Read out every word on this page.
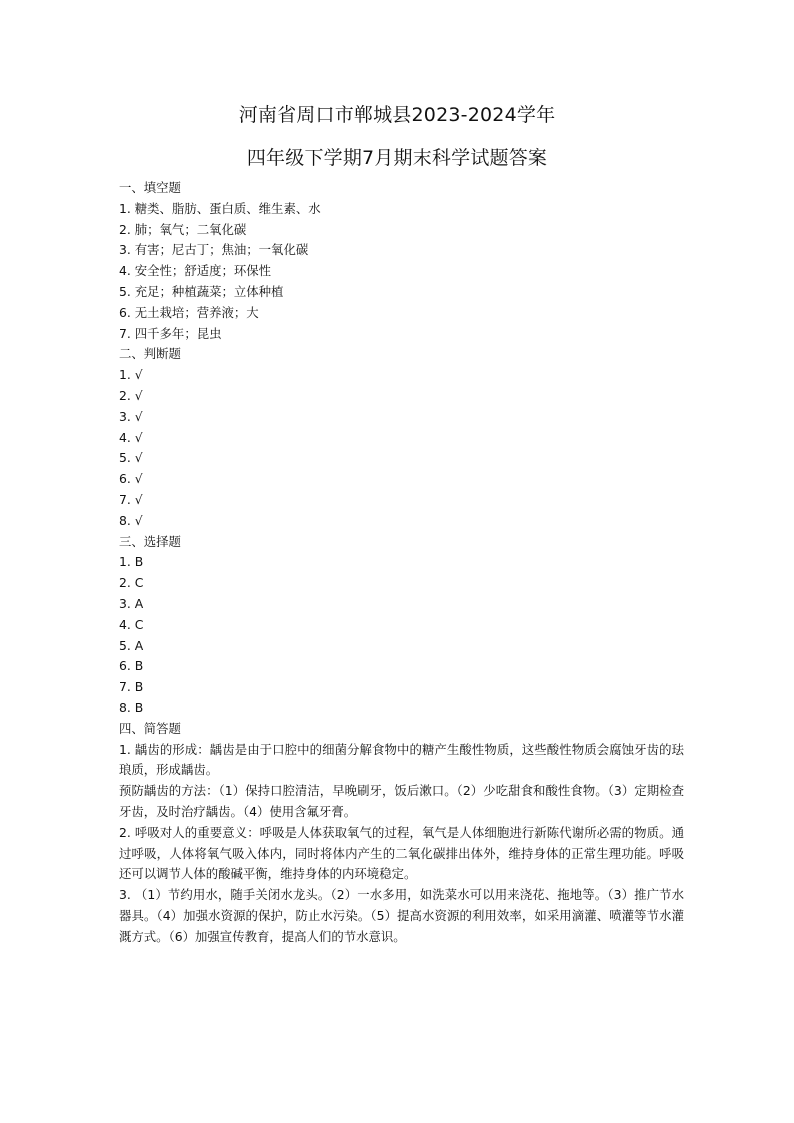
河南省周口市郸城县2023-2024学年
四年级下学期7月期末科学试题答案
一、填空题
1. 糖类、脂肪、蛋白质、维生素、水
2. 肺；氧气；二氧化碳
3. 有害；尼古丁；焦油；一氧化碳
4. 安全性；舒适度；环保性
5. 充足；种植蔬菜；立体种植
6. 无土栽培；营养液；大
7. 四千多年；昆虫
二、判断题
1. √
2. √
3. √
4. √
5. √
6. √
7. √
8. √
三、选择题
1. B
2. C
3. A
4. C
5. A
6. B
7. B
8. B
四、简答题
1. 龋齿的形成：龋齿是由于口腔中的细菌分解食物中的糖产生酸性物质，这些酸性物质会腐蚀牙齿的珐琅质，形成龋齿。
预防龋齿的方法：（1）保持口腔清洁，早晚刷牙，饭后漱口。（2）少吃甜食和酸性食物。（3）定期检查牙齿，及时治疗龋齿。（4）使用含氟牙膏。
2. 呼吸对人的重要意义：呼吸是人体获取氧气的过程，氧气是人体细胞进行新陈代谢所必需的物质。通过呼吸，人体将氧气吸入体内，同时将体内产生的二氧化碳排出体外，维持身体的正常生理功能。呼吸还可以调节人体的酸碱平衡，维持身体的内环境稳定。
3. （1）节约用水，随手关闭水龙头。（2）一水多用，如洗菜水可以用来浇花、拖地等。（3）推广节水器具。（4）加强水资源的保护，防止水污染。（5）提高水资源的利用效率，如采用滴灌、喷灌等节水灌溉方式。（6）加强宣传教育，提高人们的节水意识。
